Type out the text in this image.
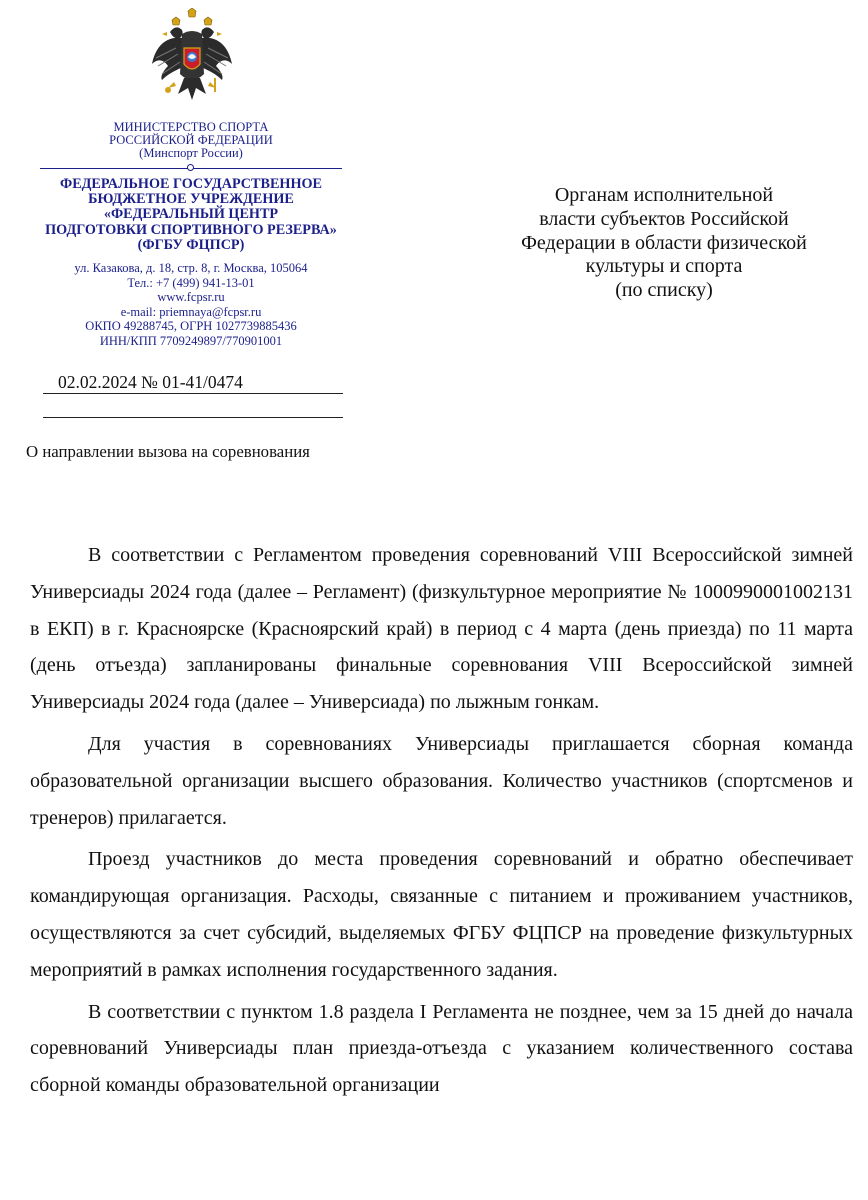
МИНИСТЕРСТВО СПОРТА
РОССИЙСКОЙ ФЕДЕРАЦИИ
(Минспорт России)
ФЕДЕРАЛЬНОЕ ГОСУДАРСТВЕННОЕ
БЮДЖЕТНОЕ УЧРЕЖДЕНИЕ
«ФЕДЕРАЛЬНЫЙ ЦЕНТР
ПОДГОТОВКИ СПОРТИВНОГО РЕЗЕРВА»
(ФГБУ ФЦПСР)
ул. Казакова, д. 18, стр. 8, г. Москва, 105064
Тел.: +7 (499) 941-13-01
www.fcpsr.ru
e-mail: priemnaya@fcpsr.ru
ОКПО 49288745, ОГРН 1027739885436
ИНН/КПП 7709249897/770901001
02.02.2024 № 01-41/0474
О направлении вызова на соревнования
Органам исполнительной
власти субъектов Российской
Федерации в области физической
культуры и спорта
(по списку)

В соответствии с Регламентом проведения соревнований VIII Всероссийской зимней Универсиады 2024 года (далее – Регламент) (физкультурное мероприятие № 1000990001002131 в ЕКП) в г. Красноярске (Красноярский край) в период с 4 марта (день приезда) по 11 марта (день отъезда) запланированы финальные соревнования VIII Всероссийской зимней Универсиады 2024 года (далее – Универсиада) по лыжным гонкам.

Для участия в соревнованиях Универсиады приглашается сборная команда образовательной организации высшего образования. Количество участников (спортсменов и тренеров) прилагается.

Проезд участников до места проведения соревнований и обратно обеспечивает командирующая организация. Расходы, связанные с питанием и проживанием участников, осуществляются за счет субсидий, выделяемых ФГБУ ФЦПСР на проведение физкультурных мероприятий в рамках исполнения государственного задания.

В соответствии с пунктом 1.8 раздела I Регламента не позднее, чем за 15 дней до начала соревнований Универсиады план приезда-отъезда с указанием количественного состава сборной команды образовательной организации
